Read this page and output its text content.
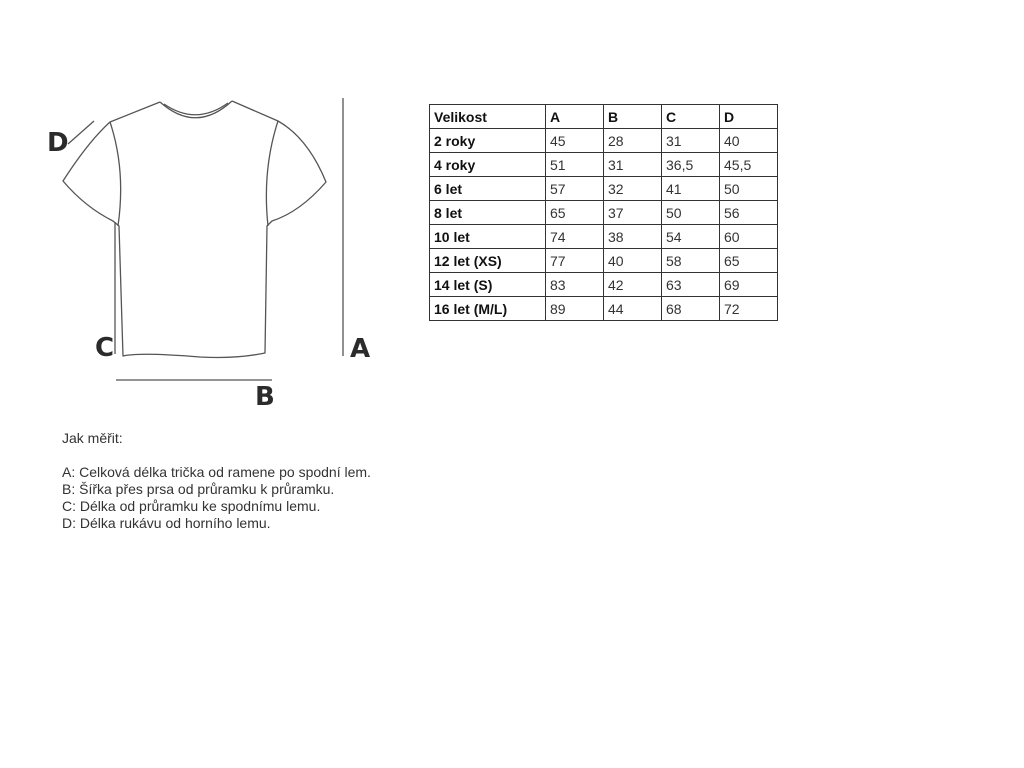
A
B
C
D
Velikost	A	B	C	D
2 roky	45	28	31	40
4 roky	51	31	36,5	45,5
6 let	57	32	41	50
8 let	65	37	50	56
10 let	74	38	54	60
12 let (XS)	77	40	58	65
14 let (S)	83	42	63	69
16 let (M/L)	89	44	68	72
Jak měřit:
A: Celková délka trička od ramene po spodní lem.
B: Šířka přes prsa od průramku k průramku.
C: Délka od průramku ke spodnímu lemu.
D: Délka rukávu od horního lemu.
